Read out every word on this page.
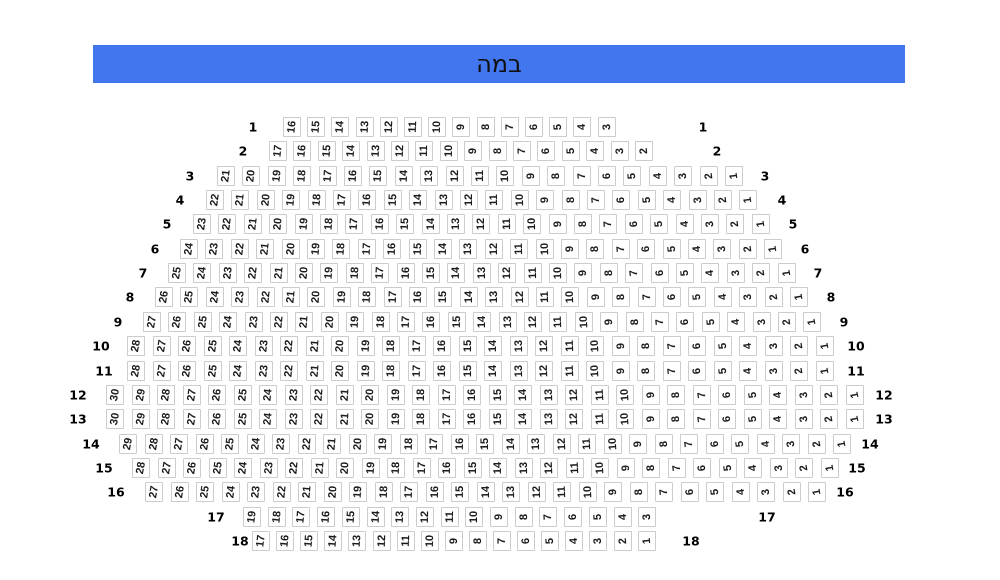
במה
1	1
16 15 14 13 12 11 10 9 8 7 6 5 4 3
2	2
17 16 15 14 13 12 11 10 9 8 7 6 5 4 3 2
3	3
21 20 19 18 17 16 15 14 13 12 11 10 9 8 7 6 5 4 3 2 1
4	4
22 21 20 19 18 17 16 15 14 13 12 11 10 9 8 7 6 5 4 3 2 1
5	5
23 22 21 20 19 18 17 16 15 14 13 12 11 10 9 8 7 6 5 4 3 2 1
6	6
24 23 22 21 20 19 18 17 16 15 14 13 12 11 10 9 8 7 6 5 4 3 2 1
7	7
25 24 23 22 21 20 19 18 17 16 15 14 13 12 11 10 9 8 7 6 5 4 3 2 1
8	8
26 25 24 23 22 21 20 19 18 17 16 15 14 13 12 11 10 9 8 7 6 5 4 3 2 1
9	9
27 26 25 24 23 22 21 20 19 18 17 16 15 14 13 12 11 10 9 8 7 6 5 4 3 2 1
10	10
28 27 26 25 24 23 22 21 20 19 18 17 16 15 14 13 12 11 10 9 8 7 6 5 4 3 2 1
11	11
28 27 26 25 24 23 22 21 20 19 18 17 16 15 14 13 12 11 10 9 8 7 6 5 4 3 2 1
12	12
30 29 28 27 26 25 24 23 22 21 20 19 18 17 16 15 14 13 12 11 10 9 8 7 6 5 4 3 2 1
13	13
30 29 28 27 26 25 24 23 22 21 20 19 18 17 16 15 14 13 12 11 10 9 8 7 6 5 4 3 2 1
14	14
29 28 27 26 25 24 23 22 21 20 19 18 17 16 15 14 13 12 11 10 9 8 7 6 5 4 3 2 1
15	15
28 27 26 25 24 23 22 21 20 19 18 17 16 15 14 13 12 11 10 9 8 7 6 5 4 3 2 1
16	16
27 26 25 24 23 22 21 20 19 18 17 16 15 14 13 12 11 10 9 8 7 6 5 4 3 2 1
17	17
19 18 17 16 15 14 13 12 11 10 9 8 7 6 5 4 3
18	18
17 16 15 14 13 12 11 10 9 8 7 6 5 4 3 2 1
